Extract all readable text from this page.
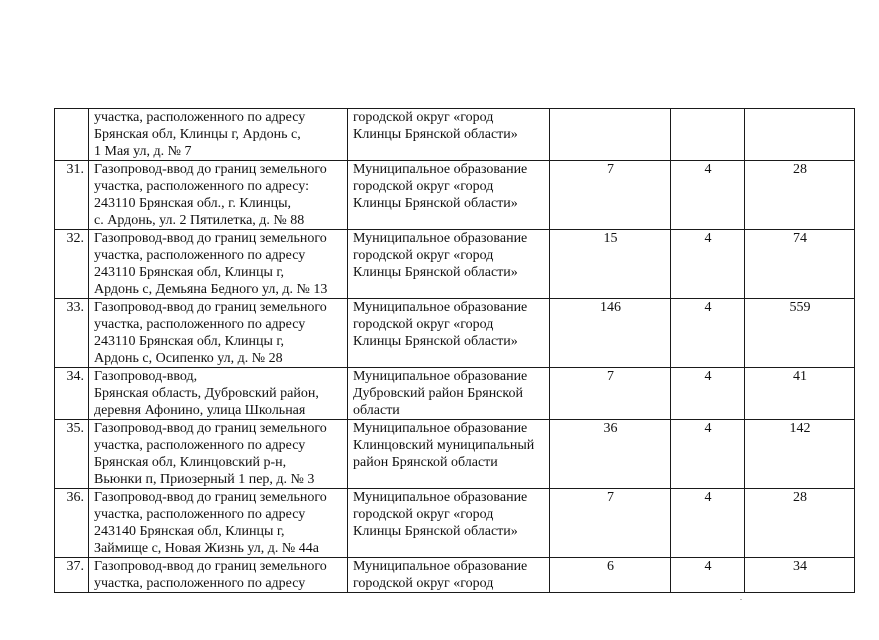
	участка, расположенного по адресу
Брянская обл, Клинцы г, Ардонь с,
1 Мая ул, д. № 7	городской округ «город
Клинцы Брянской области»			

31.	Газопровод-ввод до границ земельного
участка, расположенного по адресу:
243110 Брянская обл., г. Клинцы,
с. Ардонь, ул. 2 Пятилетка, д. № 88	Муниципальное образование
городской округ «город
Клинцы Брянской области»	7	4	28
32.	Газопровод-ввод до границ земельного
участка, расположенного по адресу
243110 Брянская обл, Клинцы г,
Ардонь с, Демьяна Бедного ул, д. № 13	Муниципальное образование
городской округ «город
Клинцы Брянской области»	15	4	74
33.	Газопровод-ввод до границ земельного
участка, расположенного по адресу
243110 Брянская обл, Клинцы г,
Ардонь с, Осипенко ул, д. № 28	Муниципальное образование
городской округ «город
Клинцы Брянской области»	146	4	559
34.	Газопровод-ввод,
Брянская область, Дубровский район,
деревня Афонино, улица Школьная	Муниципальное образование
Дубровский район Брянской
области	7	4	41
35.	Газопровод-ввод до границ земельного
участка, расположенного по адресу
Брянская обл, Клинцовский р-н,
Вьюнки п, Приозерный 1 пер, д. № 3	Муниципальное образование
Клинцовский муниципальный
район Брянской области	36	4	142
36.	Газопровод-ввод до границ земельного
участка, расположенного по адресу
243140 Брянская обл, Клинцы г,
Займище с, Новая Жизнь ул, д. № 44а	Муниципальное образование
городской округ «город
Клинцы Брянской области»	7	4	28
37.	Газопровод-ввод до границ земельного
участка, расположенного по адресу	Муниципальное образование
городской округ «город	6	4	34
